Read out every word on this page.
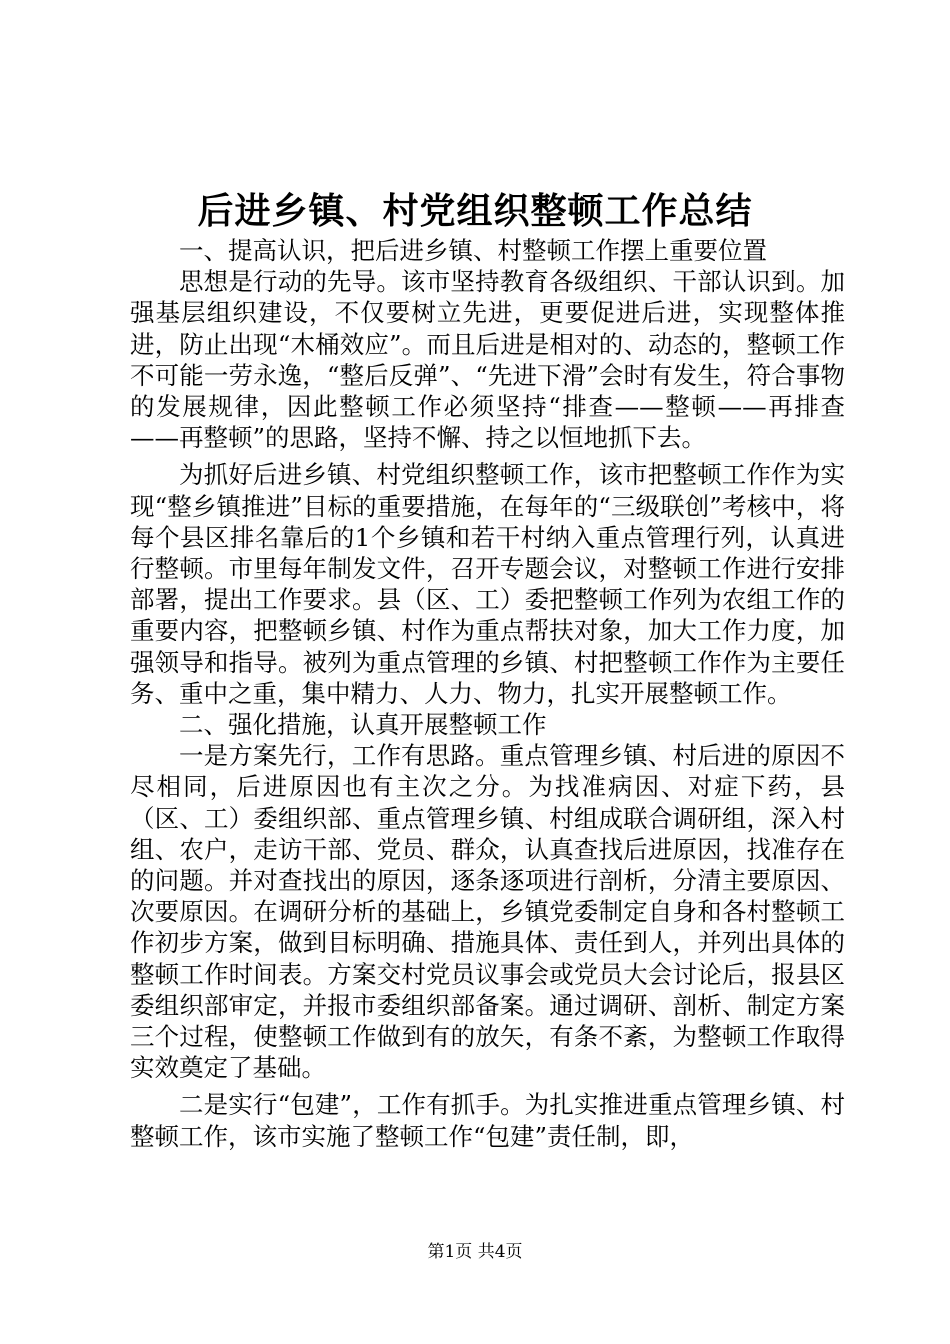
后进乡镇、村党组织整顿工作总结

一、提高认识，把后进乡镇、村整顿工作摆上重要位置

思想是行动的先导。该市坚持教育各级组织、干部认识到。加强基层组织建设，不仅要树立先进，更要促进后进，实现整体推进，防止出现“木桶效应”。而且后进是相对的、动态的，整顿工作不可能一劳永逸，“整后反弹”、“先进下滑”会时有发生，符合事物的发展规律，因此整顿工作必须坚持“排查——整顿——再排查——再整顿”的思路，坚持不懈、持之以恒地抓下去。

为抓好后进乡镇、村党组织整顿工作，该市把整顿工作作为实现“整乡镇推进”目标的重要措施，在每年的“三级联创”考核中，将每个县区排名靠后的1个乡镇和若干村纳入重点管理行列，认真进行整顿。市里每年制发文件，召开专题会议，对整顿工作进行安排部署，提出工作要求。县（区、工）委把整顿工作列为农组工作的重要内容，把整顿乡镇、村作为重点帮扶对象，加大工作力度，加强领导和指导。被列为重点管理的乡镇、村把整顿工作作为主要任务、重中之重，集中精力、人力、物力，扎实开展整顿工作。

二、强化措施，认真开展整顿工作

一是方案先行，工作有思路。重点管理乡镇、村后进的原因不尽相同，后进原因也有主次之分。为找准病因、对症下药，县（区、工）委组织部、重点管理乡镇、村组成联合调研组，深入村组、农户，走访干部、党员、群众，认真查找后进原因，找准存在的问题。并对查找出的原因，逐条逐项进行剖析，分清主要原因、次要原因。在调研分析的基础上，乡镇党委制定自身和各村整顿工作初步方案，做到目标明确、措施具体、责任到人，并列出具体的整顿工作时间表。方案交村党员议事会或党员大会讨论后，报县区委组织部审定，并报市委组织部备案。通过调研、剖析、制定方案三个过程，使整顿工作做到有的放矢，有条不紊，为整顿工作取得实效奠定了基础。

二是实行“包建”，工作有抓手。为扎实推进重点管理乡镇、村整顿工作，该市实施了整顿工作“包建”责任制，即，

第1页 共4页
